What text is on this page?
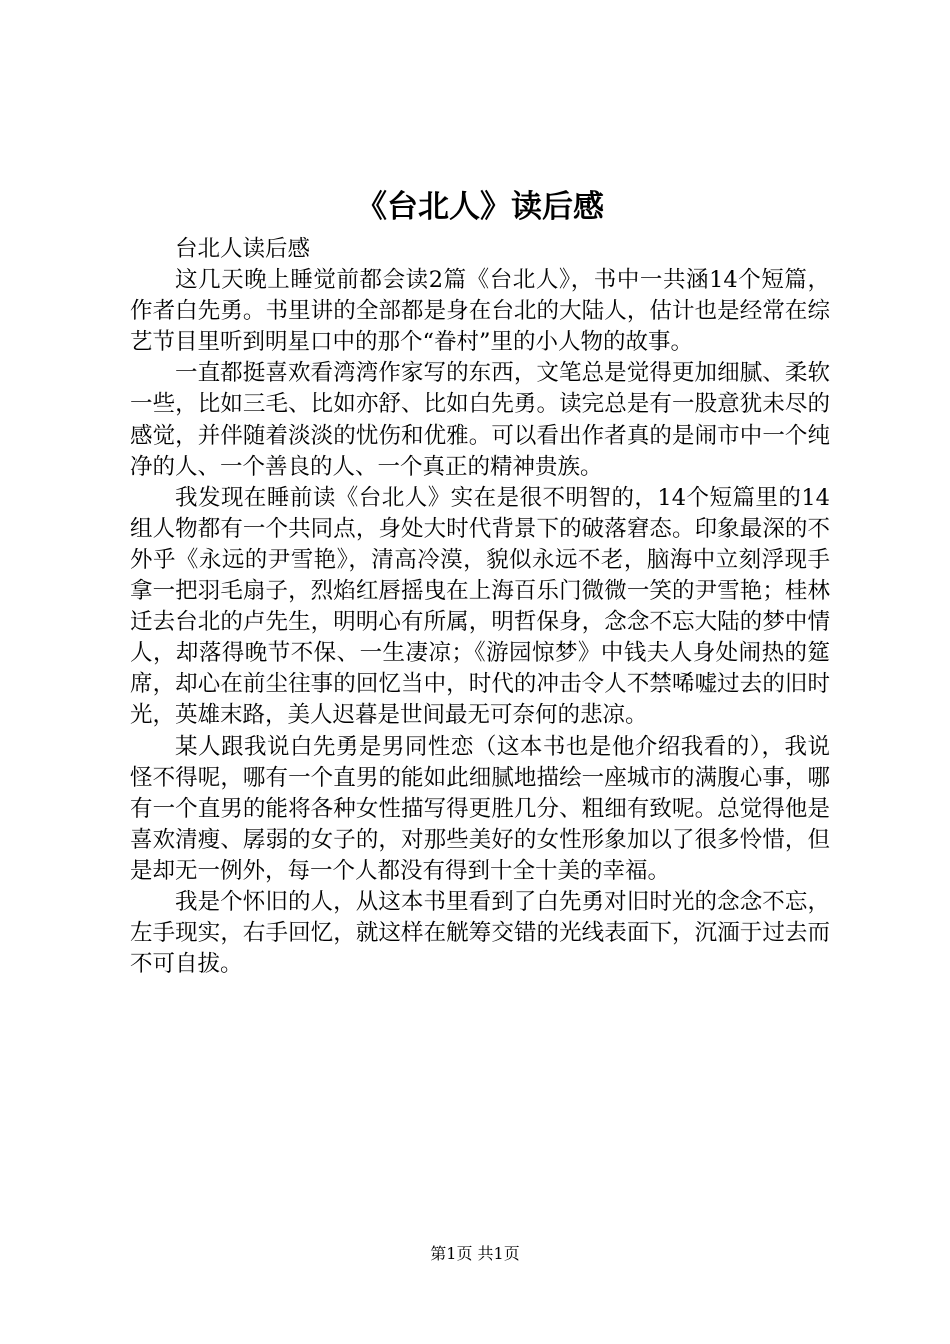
《台北人》读后感

台北人读后感

这几天晚上睡觉前都会读2篇《台北人》，书中一共涵14个短篇，作者白先勇。书里讲的全部都是身在台北的大陆人，估计也是经常在综艺节目里听到明星口中的那个“眷村”里的小人物的故事。

一直都挺喜欢看湾湾作家写的东西，文笔总是觉得更加细腻、柔软一些，比如三毛、比如亦舒、比如白先勇。读完总是有一股意犹未尽的感觉，并伴随着淡淡的忧伤和优雅。可以看出作者真的是闹市中一个纯净的人、一个善良的人、一个真正的精神贵族。

我发现在睡前读《台北人》实在是很不明智的，14个短篇里的14组人物都有一个共同点，身处大时代背景下的破落窘态。印象最深的不外乎《永远的尹雪艳》，清高冷漠，貌似永远不老，脑海中立刻浮现手拿一把羽毛扇子，烈焰红唇摇曳在上海百乐门微微一笑的尹雪艳；桂林迁去台北的卢先生，明明心有所属，明哲保身，念念不忘大陆的梦中情人，却落得晚节不保、一生凄凉；《游园惊梦》中钱夫人身处闹热的筵席，却心在前尘往事的回忆当中，时代的冲击令人不禁唏嘘过去的旧时光，英雄末路，美人迟暮是世间最无可奈何的悲凉。

某人跟我说白先勇是男同性恋（这本书也是他介绍我看的），我说怪不得呢，哪有一个直男的能如此细腻地描绘一座城市的满腹心事，哪有一个直男的能将各种女性描写得更胜几分、粗细有致呢。总觉得他是喜欢清瘦、孱弱的女子的，对那些美好的女性形象加以了很多怜惜，但是却无一例外，每一个人都没有得到十全十美的幸福。

我是个怀旧的人，从这本书里看到了白先勇对旧时光的念念不忘，左手现实，右手回忆，就这样在觥筹交错的光线表面下，沉湎于过去而不可自拔。

第1页 共1页
